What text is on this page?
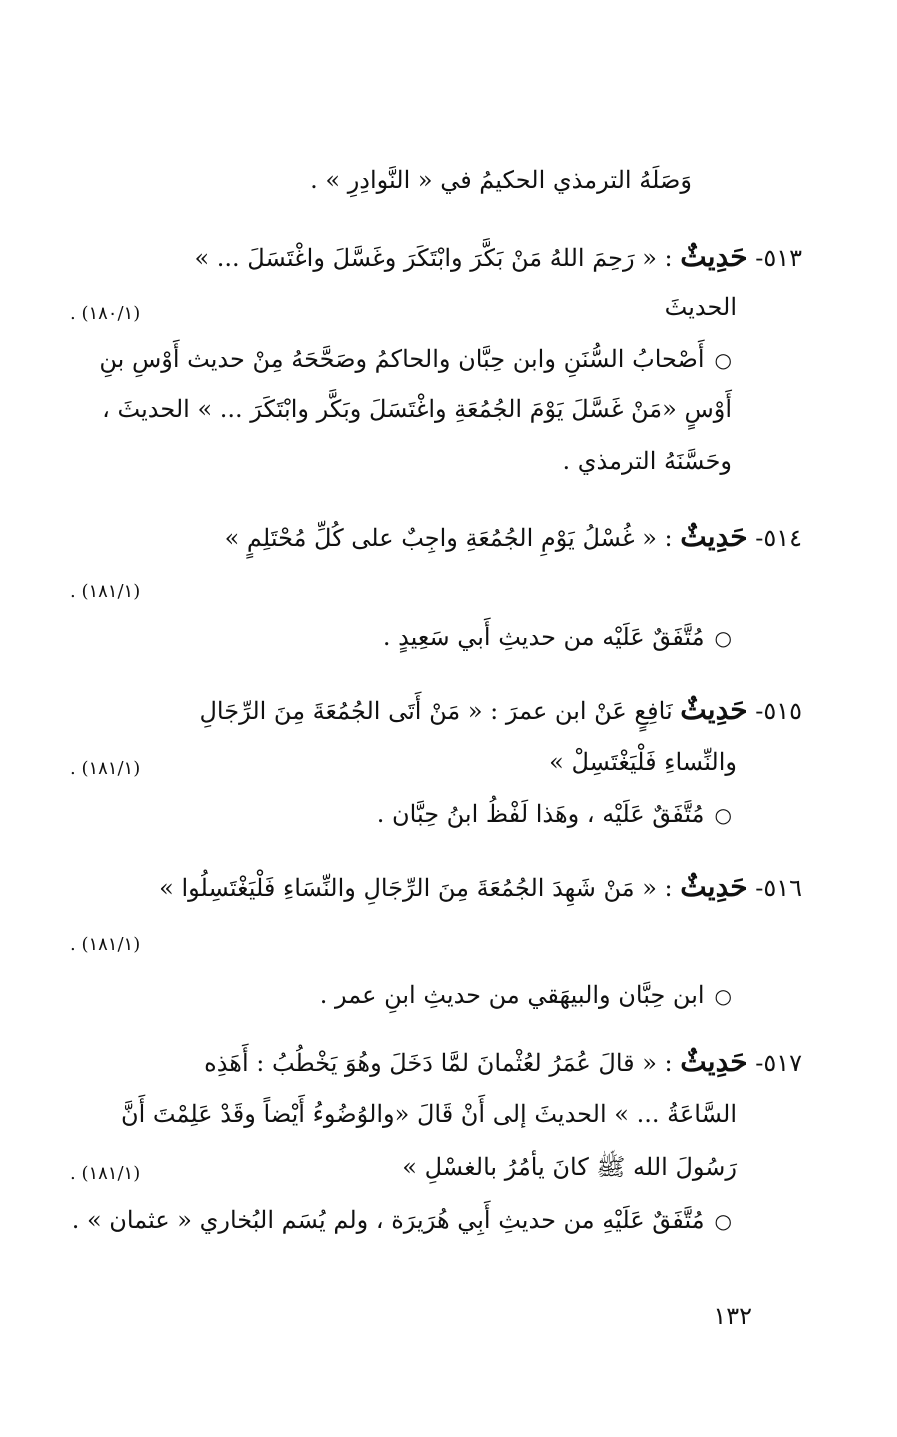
وَصَلَهُ الترمذي الحكيمُ في « النَّوادِرِ » .
٥١٣- حَدِيثٌ : « رَحِمَ اللهُ مَنْ بَكَّرَ وابْتَكَرَ وغَسَّلَ واغْتَسَلَ ... »
الحديثَ
(١٨٠/١) .
○أَصْحابُ السُّنَنِ وابن حِبَّان والحاكمُ وصَحَّحَهُ مِنْ حديث أَوْسِ بنِ
أَوْسٍ «مَنْ غَسَّلَ يَوْمَ الجُمُعَةِ واغْتَسَلَ وبَكَّر وابْتَكَرَ ... » الحديثَ ،
وحَسَّنَهُ الترمذي .
٥١٤- حَدِيثٌ : « غُسْلُ يَوْمِ الجُمُعَةِ واجِبٌ على كُلِّ مُحْتَلِمٍ »
(١٨١/١) .
○مُتَّفَقٌ عَلَيْه من حديثِ أَبي سَعِيدٍ .
٥١٥- حَدِيثٌ نَافِعٍ عَنْ ابن عمرَ : « مَنْ أَتَى الجُمُعَةَ مِنَ الرِّجَالِ
والنِّساءِ فَلْيَغْتَسِلْ »
(١٨١/١) .
○مُتَّفَقٌ عَلَيْه ، وهَذا لَفْظُ ابنُ حِبَّان .
٥١٦- حَدِيثٌ : « مَنْ شَهِدَ الجُمُعَةَ مِنَ الرِّجَالِ والنِّسَاءِ فَلْيَغْتَسِلُوا »
(١٨١/١) .
○ابن حِبَّان والبيهَقي من حديثِ ابنِ عمر .
٥١٧- حَدِيثٌ : « قالَ عُمَرُ لعُثْمانَ لمَّا دَخَلَ وهُوَ يَخْطُبُ : أَهَذِه
السَّاعَةُ ... » الحديثَ إلى أَنْ قَالَ «والوُضُوءُ أَيْضاً وقَدْ عَلِمْتَ أَنَّ
رَسُولَ الله ﷺ كانَ يأمُرُ بالغسْلِ »
(١٨١/١) .
○مُتَّفَقٌ عَلَيْهِ من حديثِ أَبِي هُرَيرَة ، ولم يُسَم البُخاري « عثمان » .
١٣٢
